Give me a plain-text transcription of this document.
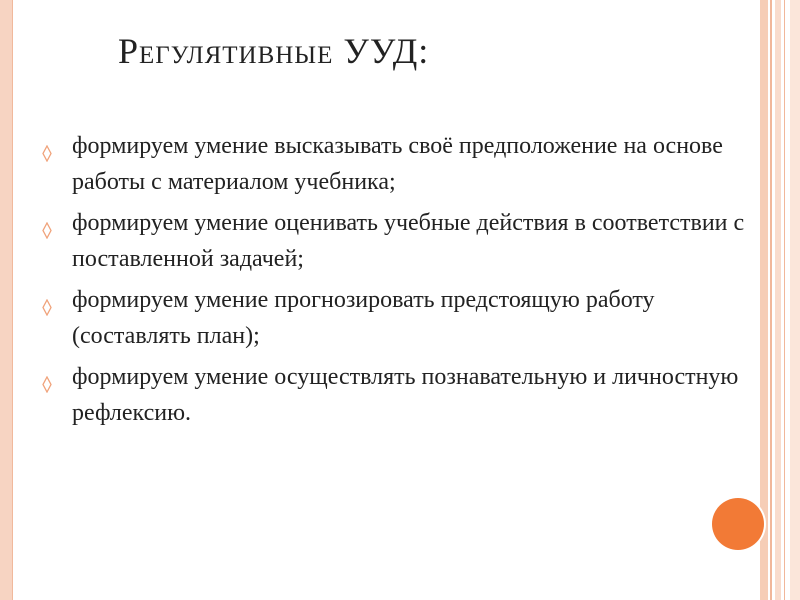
Регулятивные УУД:
формируем умение высказывать своё предположение на основе работы с материалом учебника;
формируем умение оценивать учебные действия в соответствии с поставленной задачей;
формируем умение прогнозировать предстоящую работу (составлять план);
формируем умение осуществлять познавательную и личностную рефлексию.
